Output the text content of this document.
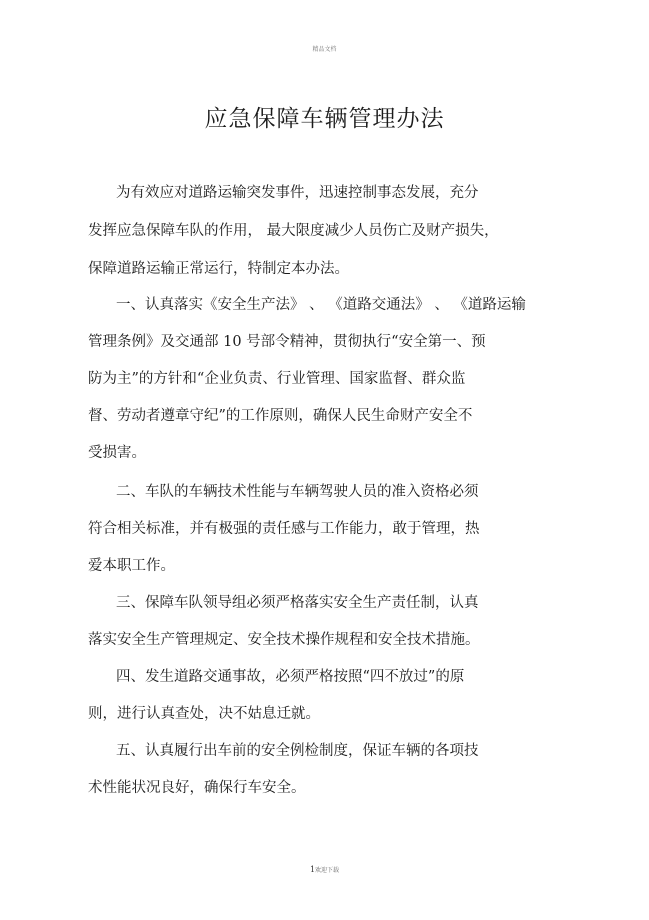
精品文档
应急保障车辆管理办法
为有效应对道路运输突发事件，迅速控制事态发展，充分
发挥应急保障车队的作用， 最大限度减少人员伤亡及财产损失，
保障道路运输正常运行，特制定本办法。
一、认真落实《安全生产法》 、 《道路交通法》 、 《道路运输
管理条例》及交通部 10 号部令精神，贯彻执行“安全第一、预
防为主”的方针和“企业负责、行业管理、国家监督、群众监
督、劳动者遵章守纪”的工作原则，确保人民生命财产安全不
受损害。
二、车队的车辆技术性能与车辆驾驶人员的准入资格必须
符合相关标准，并有极强的责任感与工作能力，敢于管理，热
爱本职工作。
三、保障车队领导组必须严格落实安全生产责任制，认真
落实安全生产管理规定、安全技术操作规程和安全技术措施。
四、发生道路交通事故，必须严格按照“四不放过”的原
则，进行认真查处，决不姑息迁就。
五、认真履行出车前的安全例检制度，保证车辆的各项技
术性能状况良好，确保行车安全。
1欢迎下载
